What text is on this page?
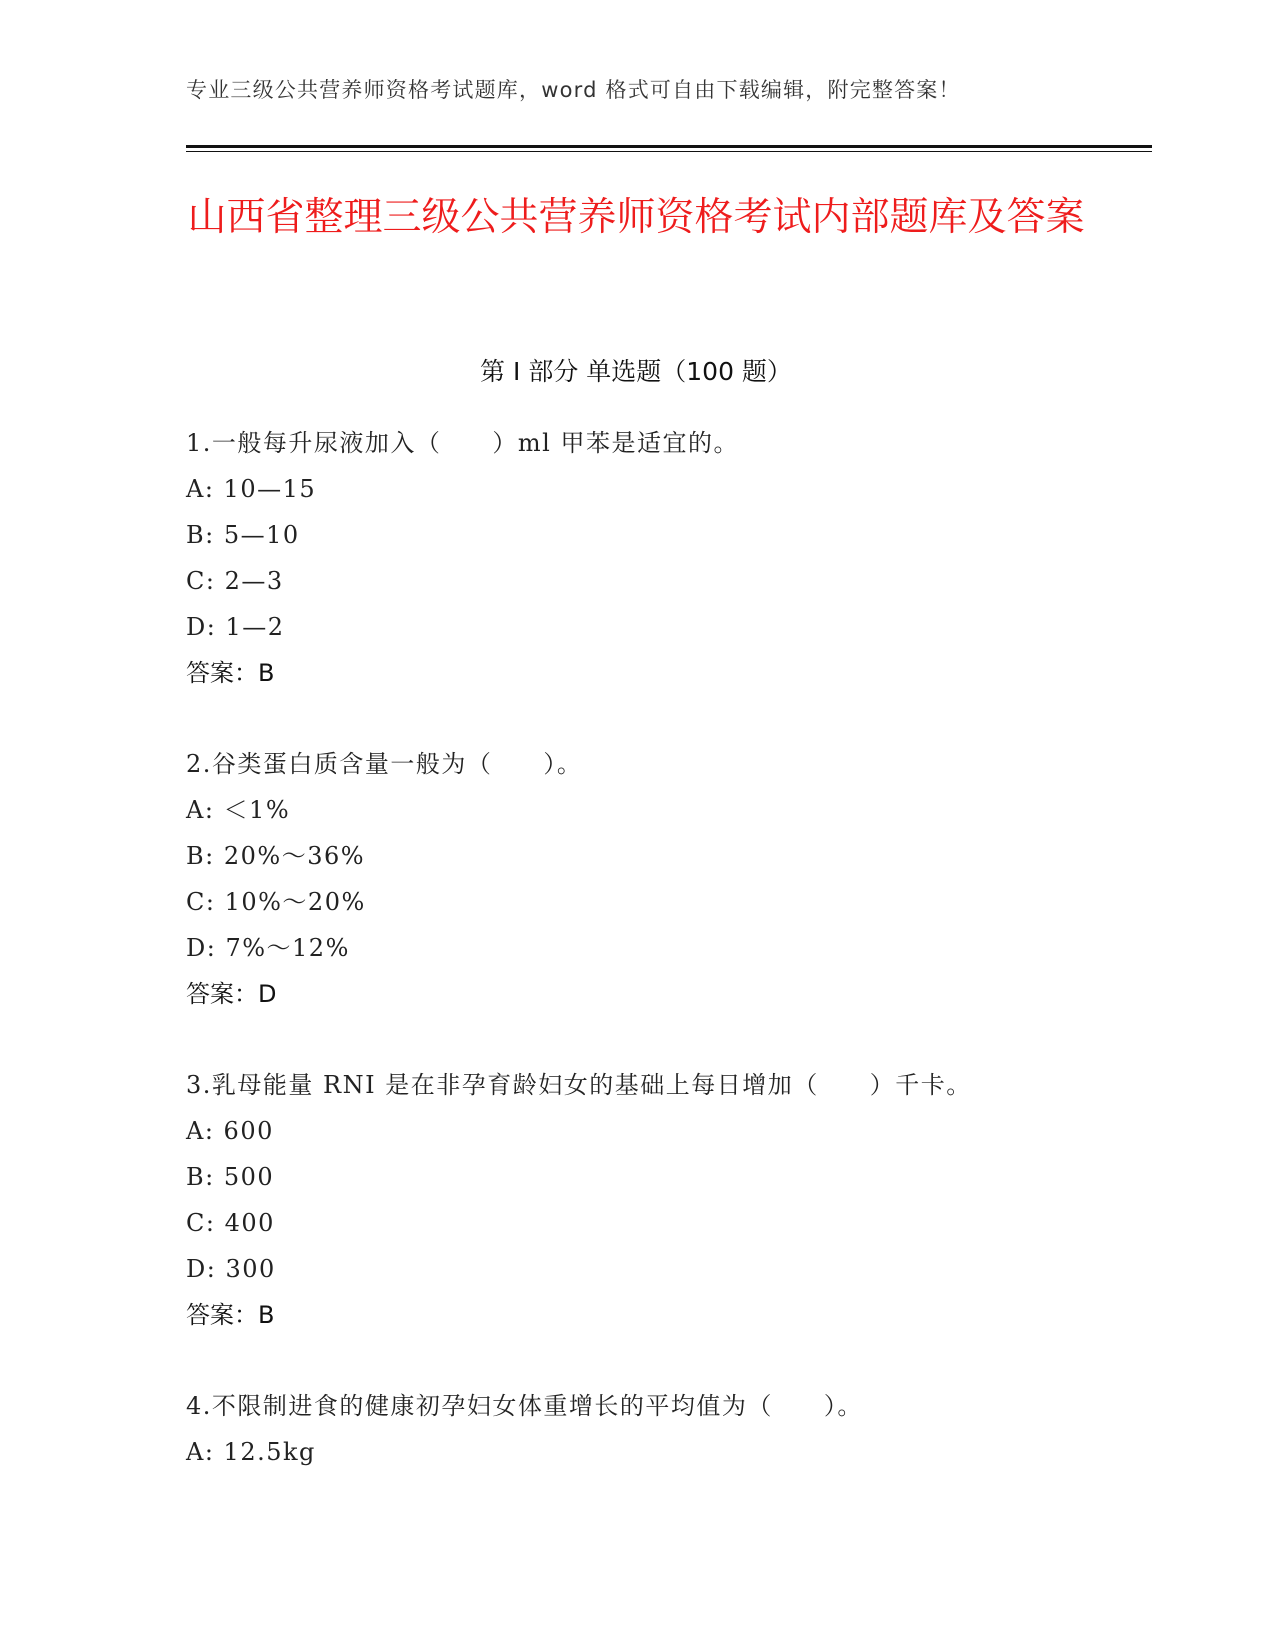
专业三级公共营养师资格考试题库，word 格式可自由下载编辑，附完整答案！
山西省整理三级公共营养师资格考试内部题库及答案
第 I 部分 单选题（100 题）
1.一般每升尿液加入（　　）ml 甲苯是适宜的。
A: 10—15
B: 5—10
C: 2—3
D: 1—2
答案：B
2.谷类蛋白质含量一般为（　　）。
A: ＜1%
B: 20%～36%
C: 10%～20%
D: 7%～12%
答案：D
3.乳母能量 RNI 是在非孕育龄妇女的基础上每日增加（　　）千卡。
A: 600
B: 500
C: 400
D: 300
答案：B
4.不限制进食的健康初孕妇女体重增长的平均值为（　　）。
A: 12.5kg
